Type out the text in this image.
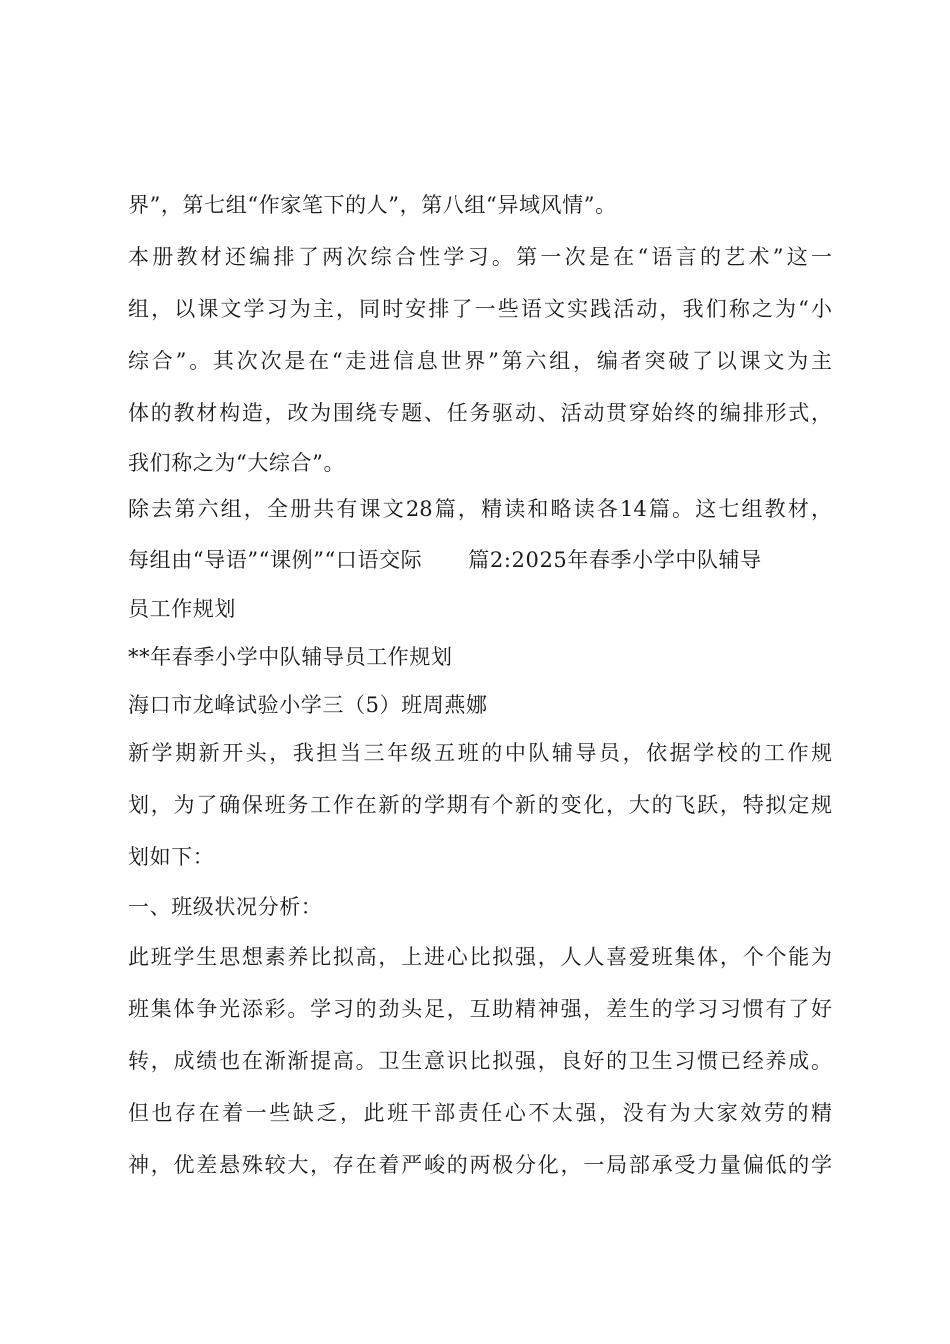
界”，第七组“作家笔下的人”，第八组“异域风情”。
本册教材还编排了两次综合性学习。第一次是在“语言的艺术”这一
组，以课文学习为主，同时安排了一些语文实践活动，我们称之为“小
综合”。其次次是在“走进信息世界”第六组，编者突破了以课文为主
体的教材构造，改为围绕专题、任务驱动、活动贯穿始终的编排形式，
我们称之为“大综合”。
除去第六组，全册共有课文28篇，精读和略读各14篇。这七组教材，
每组由“导语”“课例”“口语交际 篇2:2025年春季小学中队辅导
员工作规划
**年春季小学中队辅导员工作规划
海口市龙峰试验小学三（5）班周燕娜
新学期新开头，我担当三年级五班的中队辅导员，依据学校的工作规
划，为了确保班务工作在新的学期有个新的变化，大的飞跃，特拟定规
划如下：
一、班级状况分析：
此班学生思想素养比拟高，上进心比拟强，人人喜爱班集体，个个能为
班集体争光添彩。学习的劲头足，互助精神强，差生的学习习惯有了好
转，成绩也在渐渐提高。卫生意识比拟强，良好的卫生习惯已经养成。
但也存在着一些缺乏，此班干部责任心不太强，没有为大家效劳的精
神，优差悬殊较大，存在着严峻的两极分化，一局部承受力量偏低的学
